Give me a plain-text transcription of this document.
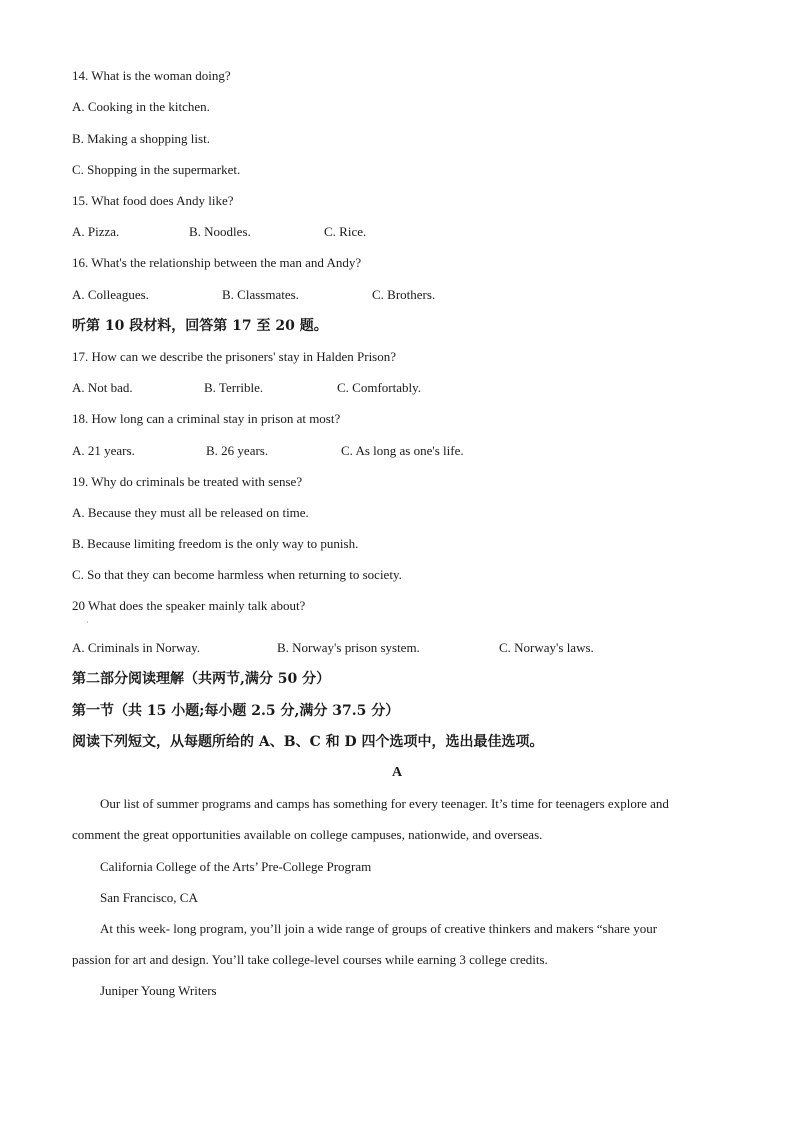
14. What is the woman doing?
A. Cooking in the kitchen.
B. Making a shopping list.
C. Shopping in the supermarket.
15. What food does Andy like?
A. Pizza.	B. Noodles.	C. Rice.
16. What's the relationship between the man and Andy?
A. Colleagues.	B. Classmates.	C. Brothers.
听第 10 段材料，回答第 17 至 20 题。
17. How can we describe the prisoners' stay in Halden Prison?
A. Not bad.	B. Terrible.	C. Comfortably.
18. How long can a criminal stay in prison at most?
A. 21 years.	B. 26 years.	C. As long as one's life.
19. Why do criminals be treated with sense?
A. Because they must all be released on time.
B. Because limiting freedom is the only way to punish.
C. So that they can become harmless when returning to society.
20 What does the speaker mainly talk about?
·
A. Criminals in Norway.	B. Norway's prison system.	C. Norway's laws.
第二部分阅读理解（共两节,满分 50 分）
第一节（共 15 小题;每小题 2.5 分,满分 37.5 分）
阅读下列短文，从每题所给的 A、B、C 和 D 四个选项中，选出最佳选项。
A
Our list of summer programs and camps has something for every teenager. It’s time for teenagers explore and
comment the great opportunities available on college campuses, nationwide, and overseas.
California College of the Arts’ Pre-College Program
San Francisco, CA
At this week- long program, you’ll join a wide range of groups of creative thinkers and makers “share your
passion for art and design. You’ll take college-level courses while earning 3 college credits.
Juniper Young Writers
